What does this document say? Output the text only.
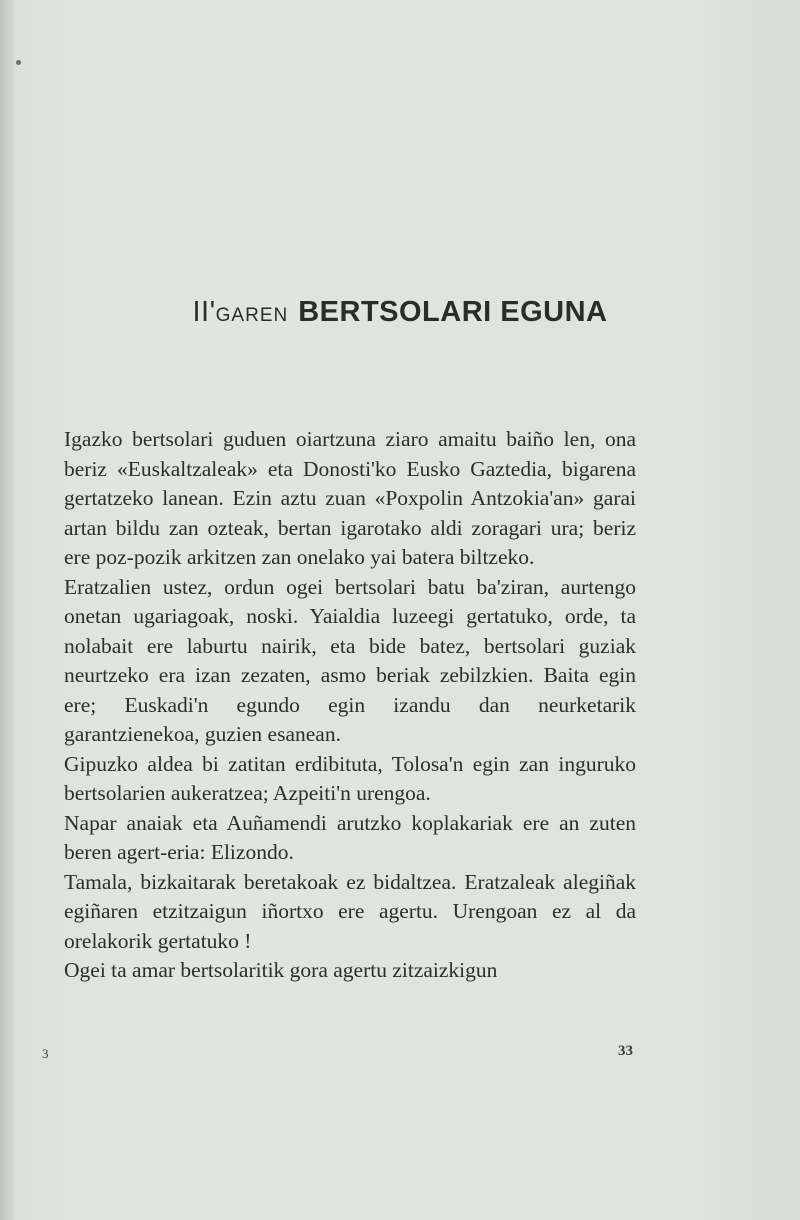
II'GAREN BERTSOLARI EGUNA

Igazko bertsolari guduen oiartzuna ziaro amaitu baiño len, ona beriz «Euskaltzaleak» eta Donosti'ko Eusko Gaztedia, bigarena gertatzeko lanean. Ezin aztu zuan «Poxpolin Antzokia'an» garai artan bildu zan ozteak, bertan igarotako aldi zoragari ura; beriz ere poz-pozik arkitzen zan onelako yai batera biltzeko.

Eratzalien ustez, ordun ogei bertsolari batu ba'ziran, aurtengo onetan ugariagoak, noski. Yaialdia luzeegi gertatuko, orde, ta nolabait ere laburtu nairik, eta bide batez, bertsolari guziak neurtzeko era izan zezaten, asmo beriak zebilzkien. Baita egin ere; Euskadi'n egundo egin izandu dan neurketarik garantzienekoa, guzien esanean.

Gipuzko aldea bi zatitan erdibituta, Tolosa'n egin zan inguruko bertsolarien aukeratzea; Azpeiti'n urengoa.

Napar anaiak eta Auñamendi arutzko koplakariak ere an zuten beren agert-eria: Elizondo.

Tamala, bizkaitarak beretakoak ez bidaltzea. Eratzaleak alegiñak egiñaren etzitzaigun iñortxo ere agertu. Urengoan ez al da orelakorik gertatuko !

Ogei ta amar bertsolaritik gora agertu zitzaizkigun

3	33
